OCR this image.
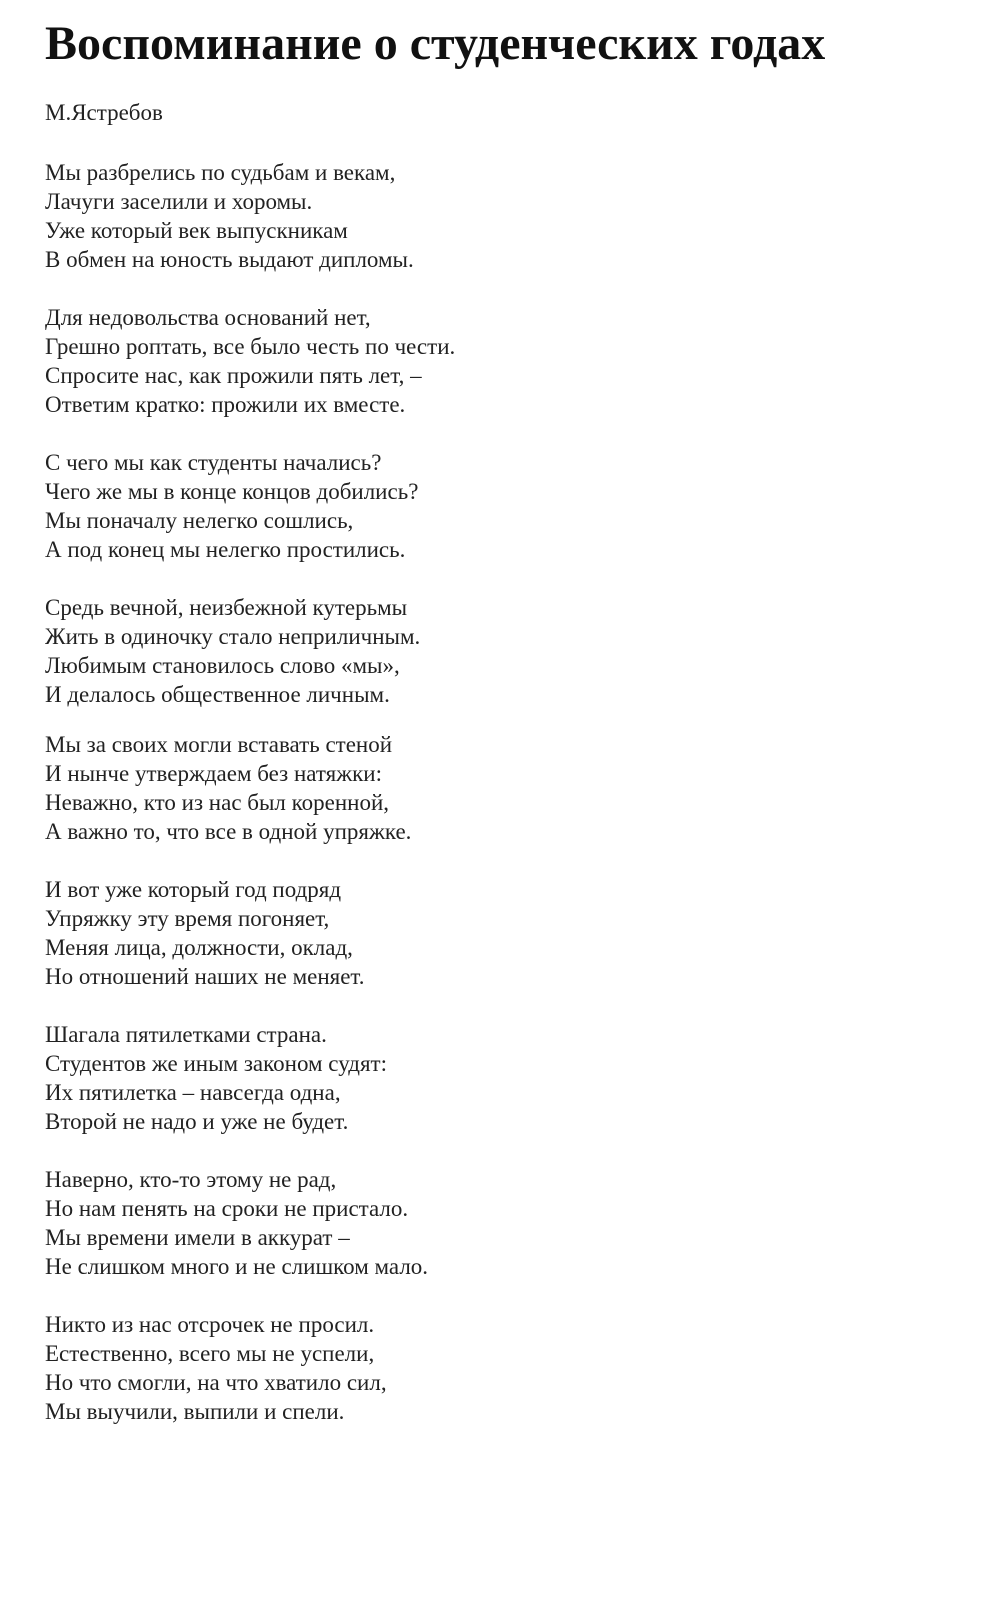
Воспоминание о студенческих годах
М.Ястребов
Мы разбрелись по судьбам и векам,
Лачуги заселили и хоромы.
Уже который век выпускникам
В обмен на юность выдают дипломы.
Для недовольства оснований нет,
Грешно роптать, все было честь по чести.
Спросите нас, как прожили пять лет, –
Ответим кратко: прожили их вместе.
С чего мы как студенты начались?
Чего же мы в конце концов добились?
Мы поначалу нелегко сошлись,
А под конец мы нелегко простились.
Средь вечной, неизбежной кутерьмы
Жить в одиночку стало неприличным.
Любимым становилось слово «мы»,
И делалось общественное личным.
Мы за своих могли вставать стеной
И нынче утверждаем без натяжки:
Неважно, кто из нас был коренной,
А важно то, что все в одной упряжке.
И вот уже который год подряд
Упряжку эту время погоняет,
Меняя лица, должности, оклад,
Но отношений наших не меняет.
Шагала пятилетками страна.
Студентов же иным законом судят:
Их пятилетка – навсегда одна,
Второй не надо и уже не будет.
Наверно, кто-то этому не рад,
Но нам пенять на сроки не пристало.
Мы времени имели в аккурат –
Не слишком много и не слишком мало.
Никто из нас отсрочек не просил.
Естественно, всего мы не успели,
Но что смогли, на что хватило сил,
Мы выучили, выпили и спели.
